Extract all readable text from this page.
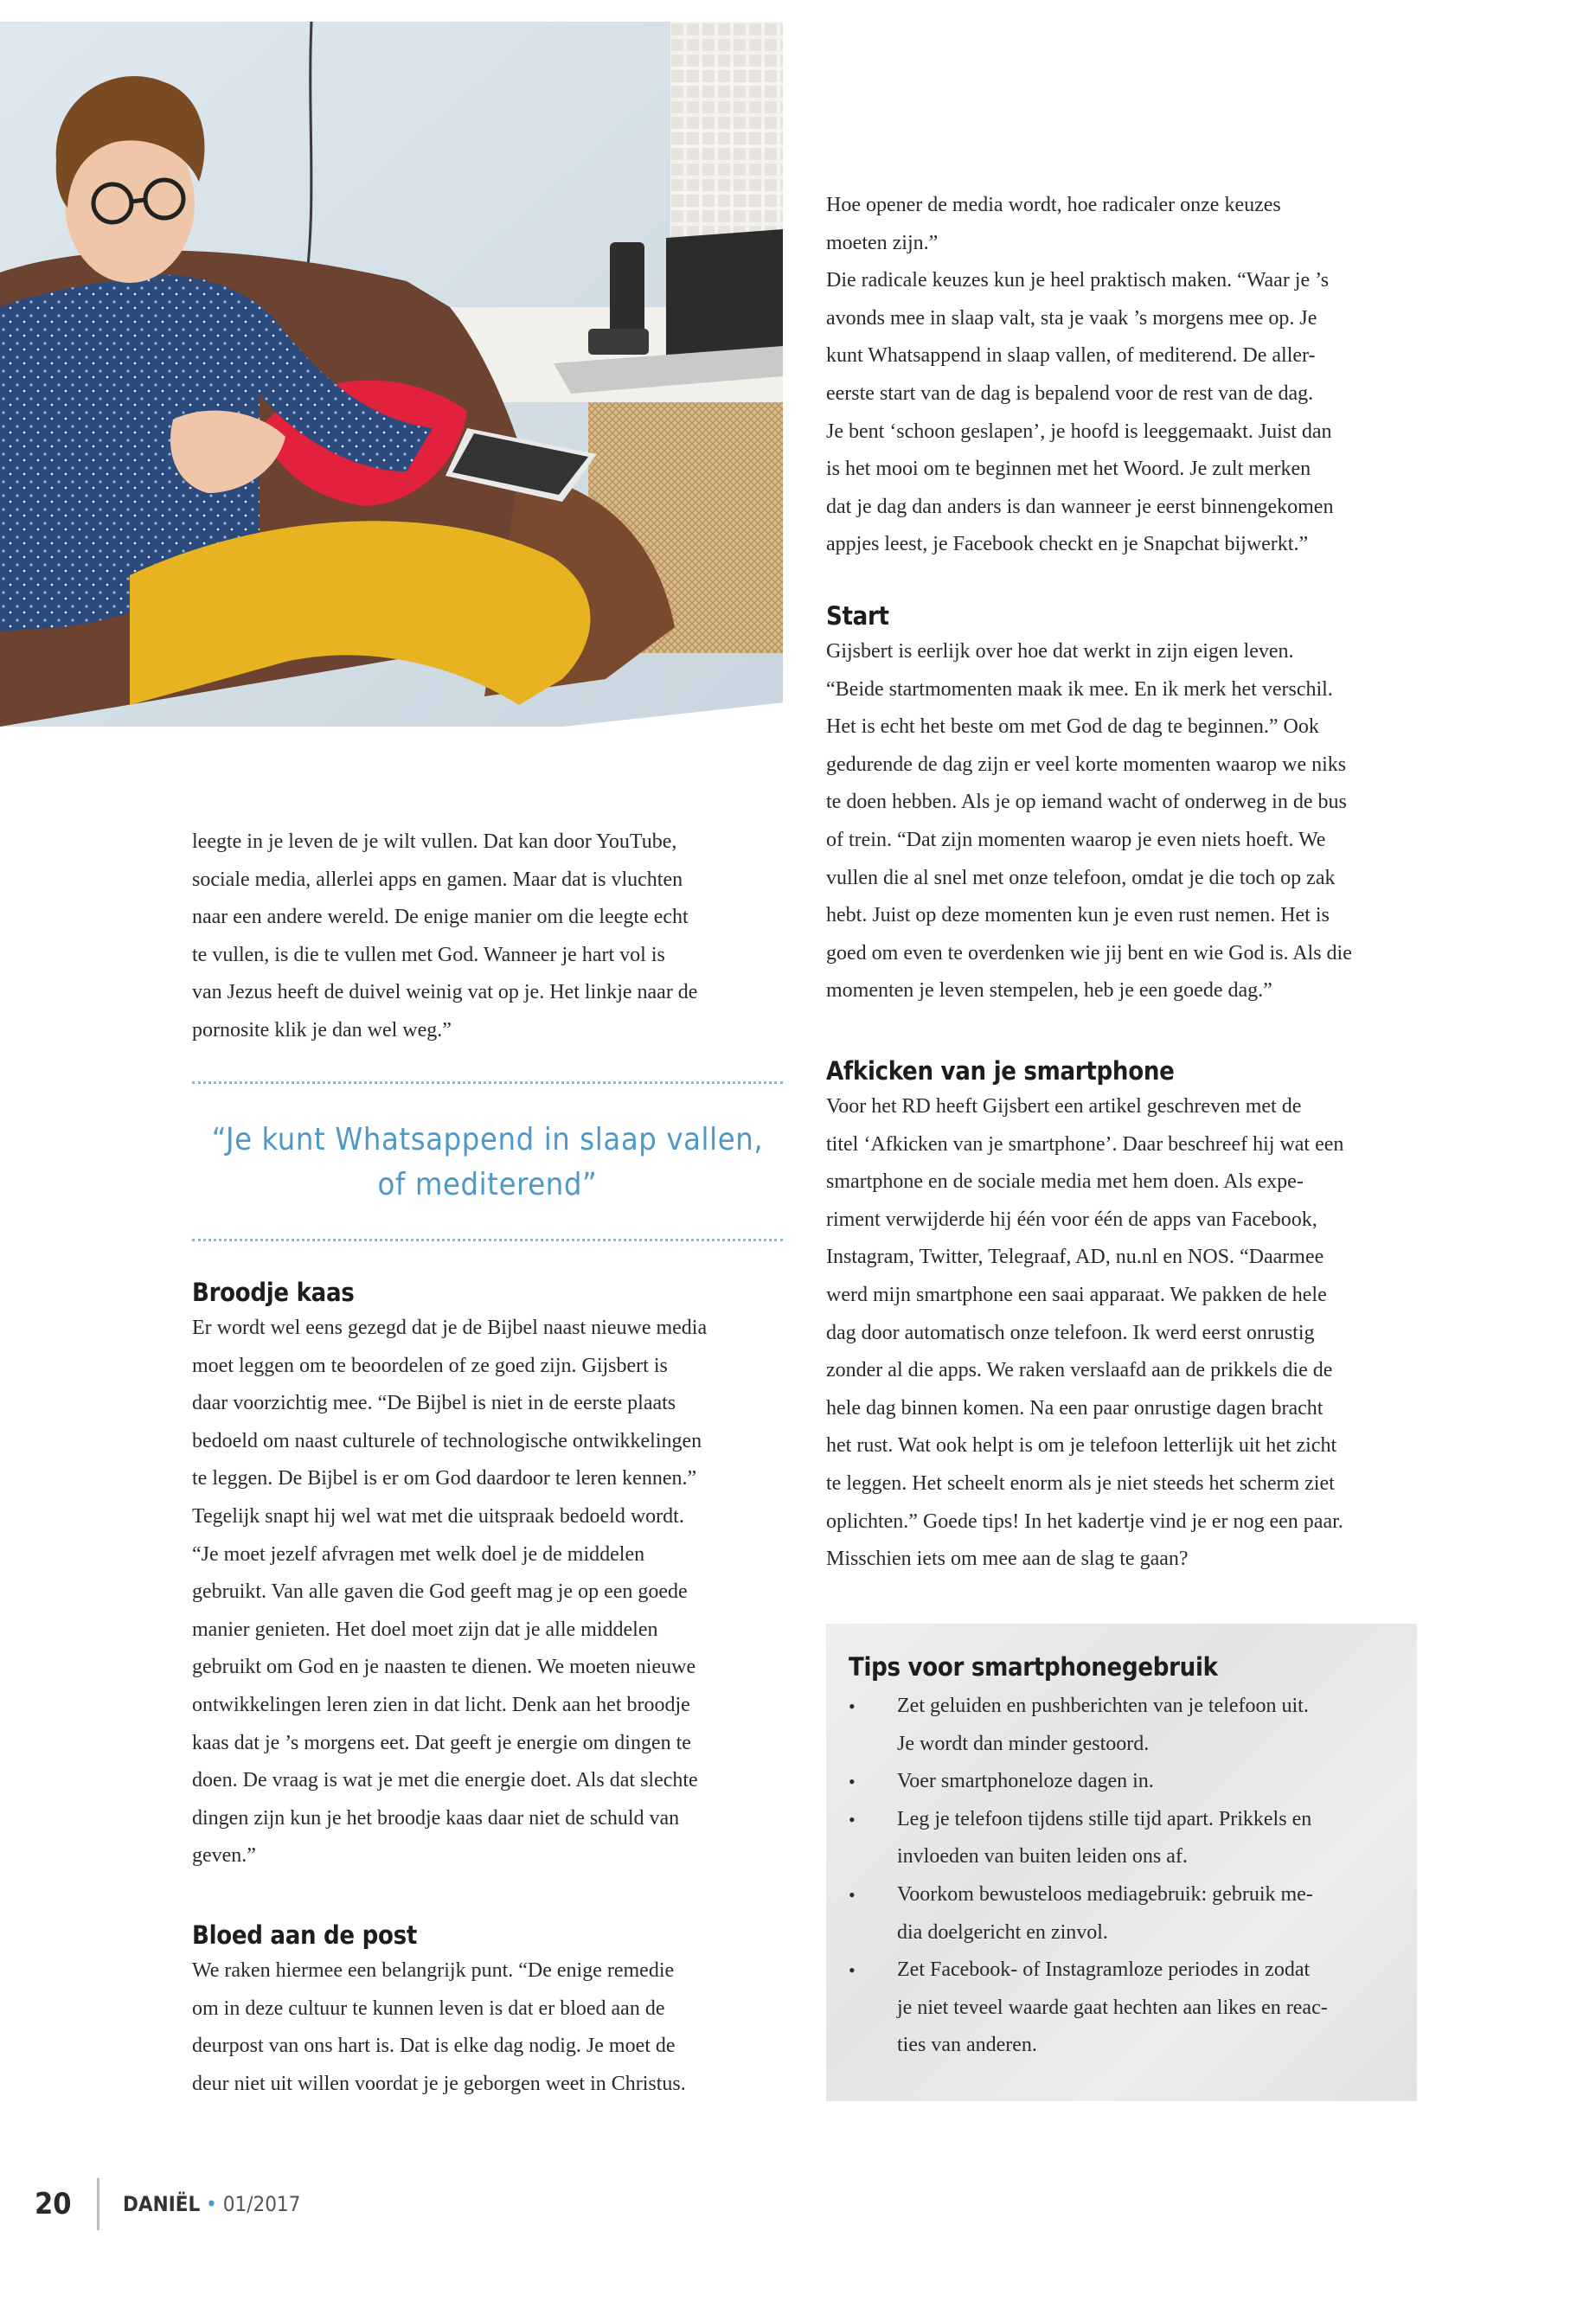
leegte in je leven de je wilt vullen. Dat kan door YouTube,

sociale media, allerlei apps en gamen. Maar dat is vluchten

naar een andere wereld. De enige manier om die leegte echt

te vullen, is die te vullen met God. Wanneer je hart vol is

van Jezus heeft de duivel weinig vat op je. Het linkje naar de

pornosite klik je dan wel weg.”

“Je kunt Whatsappend in slaap vallen,
of mediterend”
Broodje kaas

Er wordt wel eens gezegd dat je de Bijbel naast nieuwe media

moet leggen om te beoordelen of ze goed zijn. Gijsbert is

daar voorzichtig mee. “De Bijbel is niet in de eerste plaats

bedoeld om naast culturele of technologische ontwikkelingen

te leggen. De Bijbel is er om God daardoor te leren kennen.”

Tegelijk snapt hij wel wat met die uitspraak bedoeld wordt.

“Je moet jezelf afvragen met welk doel je de middelen

gebruikt. Van alle gaven die God geeft mag je op een goede

manier genieten. Het doel moet zijn dat je alle middelen

gebruikt om God en je naasten te dienen. We moeten nieuwe

ontwikkelingen leren zien in dat licht. Denk aan het broodje

kaas dat je ’s morgens eet. Dat geeft je energie om dingen te

doen. De vraag is wat je met die energie doet. Als dat slechte

dingen zijn kun je het broodje kaas daar niet de schuld van

geven.”

Bloed aan de post

We raken hiermee een belangrijk punt. “De enige remedie

om in deze cultuur te kunnen leven is dat er bloed aan de

deurpost van ons hart is. Dat is elke dag nodig. Je moet de

deur niet uit willen voordat je je geborgen weet in Christus.

Hoe opener de media wordt, hoe radicaler onze keuzes

moeten zijn.”

Die radicale keuzes kun je heel praktisch maken. “Waar je ’s

avonds mee in slaap valt, sta je vaak ’s morgens mee op. Je

kunt Whatsappend in slaap vallen, of mediterend. De aller-

eerste start van de dag is bepalend voor de rest van de dag.

Je bent ‘schoon geslapen’, je hoofd is leeggemaakt. Juist dan

is het mooi om te beginnen met het Woord. Je zult merken

dat je dag dan anders is dan wanneer je eerst binnengekomen

appjes leest, je Facebook checkt en je Snapchat bijwerkt.”

Start

Gijsbert is eerlijk over hoe dat werkt in zijn eigen leven.

“Beide startmomenten maak ik mee. En ik merk het verschil.

Het is echt het beste om met God de dag te beginnen.” Ook

gedurende de dag zijn er veel korte momenten waarop we niks

te doen hebben. Als je op iemand wacht of onderweg in de bus

of trein. “Dat zijn momenten waarop je even niets hoeft. We

vullen die al snel met onze telefoon, omdat je die toch op zak

hebt. Juist op deze momenten kun je even rust nemen. Het is

goed om even te overdenken wie jij bent en wie God is. Als die

momenten je leven stempelen, heb je een goede dag.”

Afkicken van je smartphone

Voor het RD heeft Gijsbert een artikel geschreven met de

titel ‘Afkicken van je smartphone’. Daar beschreef hij wat een

smartphone en de sociale media met hem doen. Als expe-

riment verwijderde hij één voor één de apps van Facebook,

Instagram, Twitter, Telegraaf, AD, nu.nl en NOS. “Daarmee

werd mijn smartphone een saai apparaat. We pakken de hele

dag door automatisch onze telefoon. Ik werd eerst onrustig

zonder al die apps. We raken verslaafd aan de prikkels die de

hele dag binnen komen. Na een paar onrustige dagen bracht

het rust. Wat ook helpt is om je telefoon letterlijk uit het zicht

te leggen. Het scheelt enorm als je niet steeds het scherm ziet

oplichten.” Goede tips! In het kadertje vind je er nog een paar.

Misschien iets om mee aan de slag te gaan?

Tips voor smartphonegebruik
• Zet geluiden en pushberichten van je telefoon uit.
Je wordt dan minder gestoord.
• Voer smartphoneloze dagen in.
• Leg je telefoon tijdens stille tijd apart. Prikkels en
invloeden van buiten leiden ons af.
• Voorkom bewusteloos mediagebruik: gebruik me-
dia doelgericht en zinvol.
• Zet Facebook- of Instagramloze periodes in zodat
je niet teveel waarde gaat hechten aan likes en reac-
ties van anderen.
20 DANIËL • 01/2017
